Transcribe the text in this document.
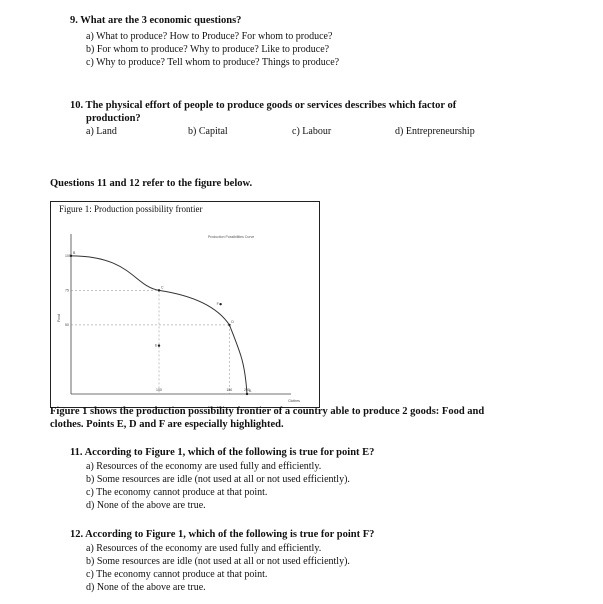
9. What are the 3 economic questions?
a) What to produce? How to Produce? For whom to produce?
b) For whom to produce? Why to produce? Like to produce?
c) Why to produce? Tell whom to produce? Things to produce?
10. The physical effort of people to produce goods or services describes which factor of
production?
a) Land	b) Capital	c) Labour	d) Entrepreneurship
Questions 11 and 12 refer to the figure below.
Figure 1: Production possibility frontier
B
C
D
A
E
F
100	180	200
100
75
50
Clothes
Food
Production Possibilities Curve
Figure 1 shows the production possibility frontier of a country able to produce 2 goods: Food and
clothes. Points E, D and F are especially highlighted.
11. According to Figure 1, which of the following is true for point E?
a) Resources of the economy are used fully and efficiently.
b) Some resources are idle (not used at all or not used efficiently).
c) The economy cannot produce at that point.
d) None of the above are true.
12. According to Figure 1, which of the following is true for point F?
a) Resources of the economy are used fully and efficiently.
b) Some resources are idle (not used at all or not used efficiently).
c) The economy cannot produce at that point.
d) None of the above are true.
